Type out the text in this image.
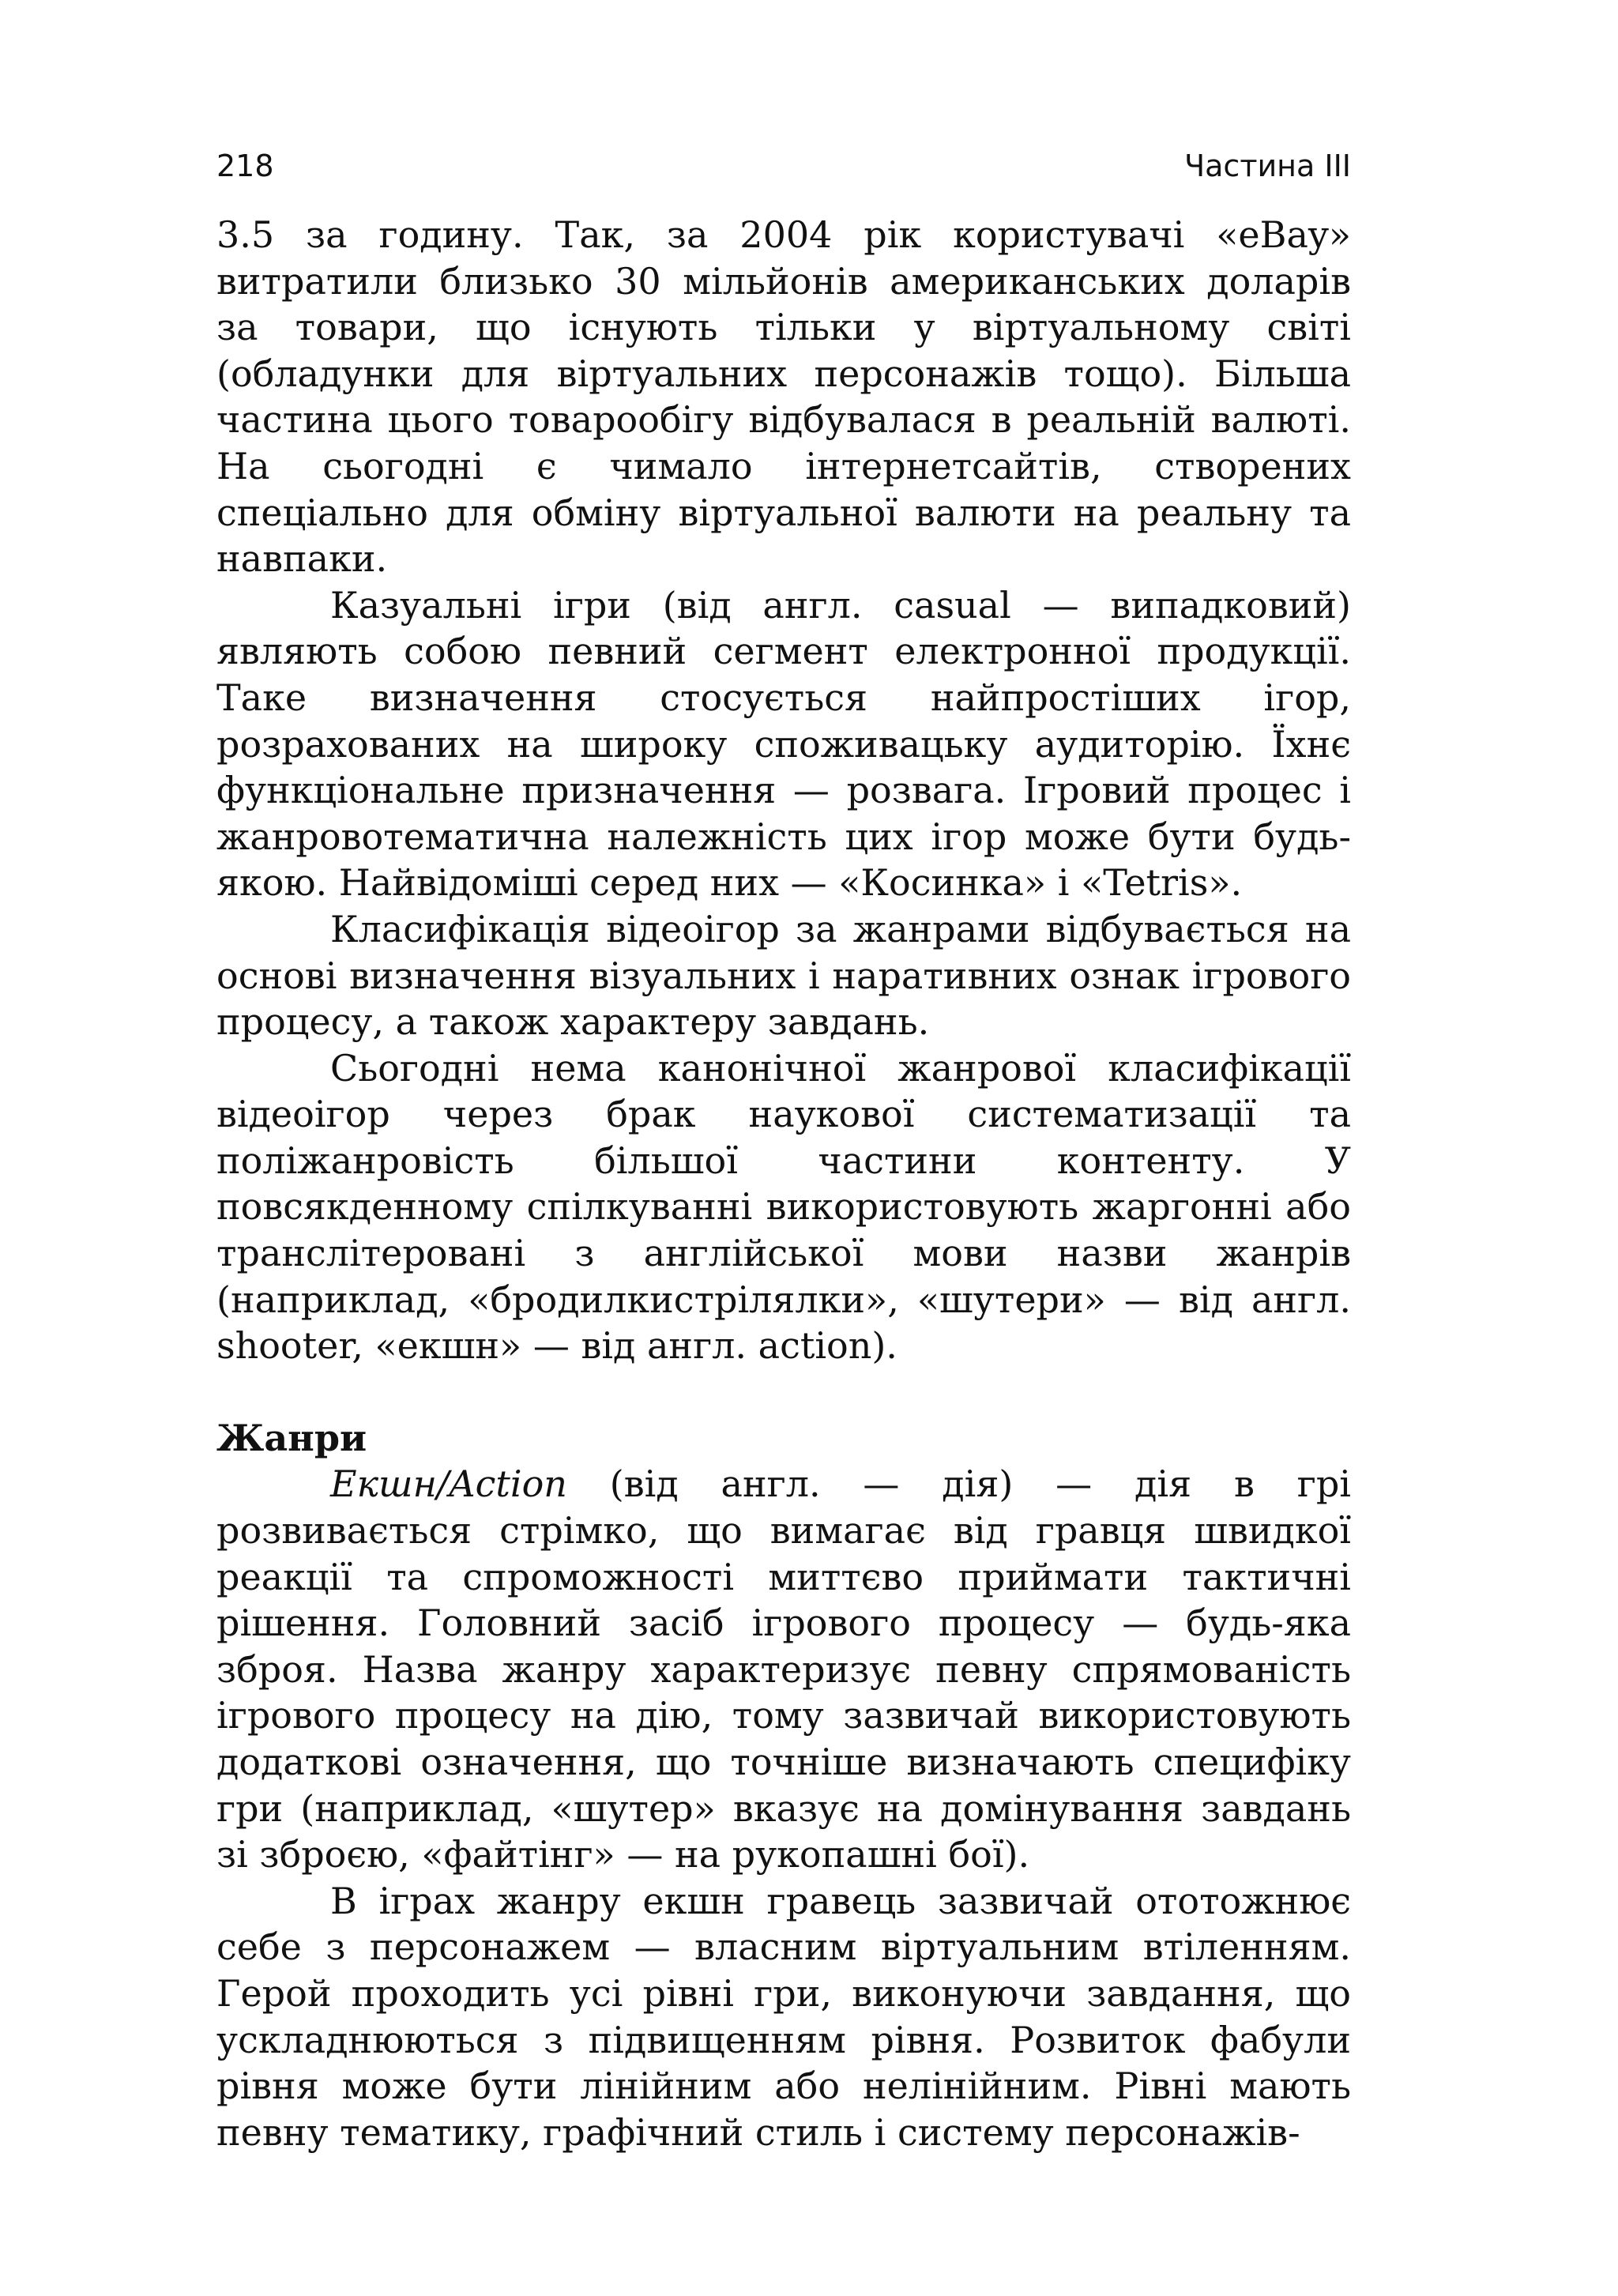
218	Частина III

3.5 за годину. Так, за 2004 рік користувачі «eBay» витратили близько 30 мільйонів американських доларів за товари, що існують тільки у віртуальному світі (обладунки для віртуальних персонажів тощо). Більша частина цього товарообігу відбувалася в реальній валюті. На сьогодні є чимало інтернетсайтів, створених спеціально для обміну віртуальної валюти на реальну та навпаки.

Казуальні ігри (від англ. casual — випадковий) являють собою певний сегмент електронної продукції. Таке визначення стосується найпростіших ігор, розрахованих на широку споживацьку аудиторію. Їхнє функціональне призначення — розвага. Ігровий процес і жанровотематична належність цих ігор може бути будь-якою. Найвідоміші серед них — «Косинка» і «Tetris».

Класифікація відеоігор за жанрами відбувається на основі визначення візуальних і наративних ознак ігрового процесу, а також характеру завдань.

Сьогодні нема канонічної жанрової класифікації відеоігор через брак наукової систематизації та поліжанровість більшої частини контенту. У повсякденному спілкуванні використовують жаргонні або транслітеровані з англійської мови назви жанрів (наприклад, «бродилкистрілялки», «шутери» — від англ. shooter, «екшн» — від англ. action).

Жанри

Екшн/Action (від англ. — дія) — дія в грі розвивається стрімко, що вимагає від гравця швидкої реакції та спроможності миттєво приймати тактичні рішення. Головний засіб ігрового процесу — будь-яка зброя. Назва жанру характеризує певну спрямованість ігрового процесу на дію, тому зазвичай використовують додаткові означення, що точніше визначають специфіку гри (наприклад, «шутер» вказує на домінування завдань зі зброєю, «файтінг» — на рукопашні бої).

В іграх жанру екшн гравець зазвичай ототожнює себе з персонажем — власним віртуальним втіленням. Герой проходить усі рівні гри, виконуючи завдання, що ускладнюються з підвищенням рівня. Розвиток фабули рівня може бути лінійним або нелінійним. Рівні мають певну тематику, графічний стиль і систему персонажів-
